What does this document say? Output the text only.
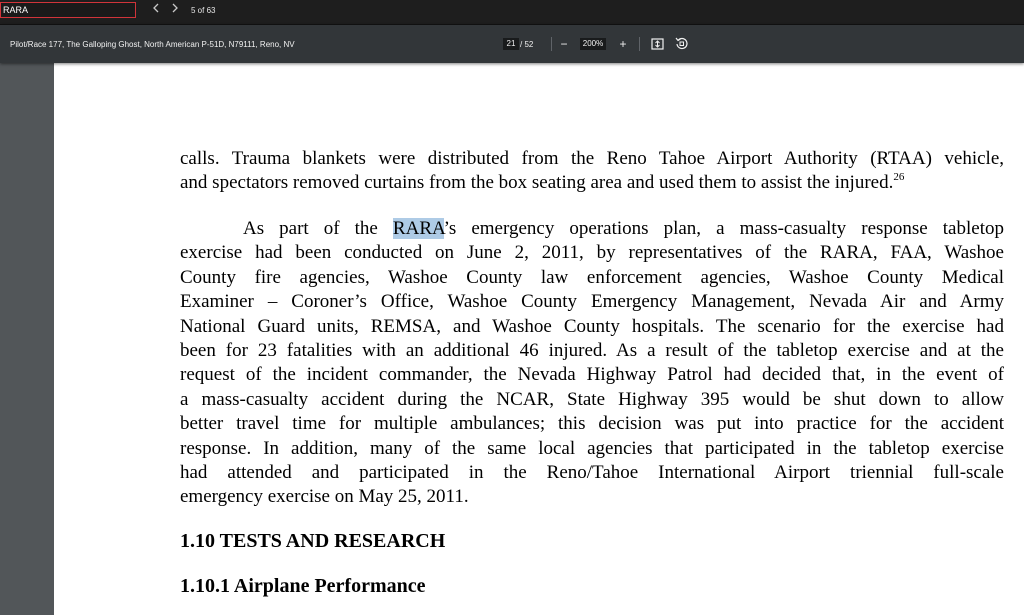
RARA
5 of 63
Pilot/Race 177, The Galloping Ghost, North American P-51D, N79111, Reno, NV	21 / 52	−	200%	+
calls. Trauma blankets were distributed from the Reno Tahoe Airport Authority (RTAA) vehicle,
and spectators removed curtains from the box seating area and used them to assist the injured.$^{26}$
As part of the RARA’s emergency operations plan, a mass-casualty response tabletop
exercise had been conducted on June 2, 2011, by representatives of the RARA, FAA, Washoe
County fire agencies, Washoe County law enforcement agencies, Washoe County Medical
Examiner – Coroner’s Office, Washoe County Emergency Management, Nevada Air and Army
National Guard units, REMSA, and Washoe County hospitals. The scenario for the exercise had
been for 23 fatalities with an additional 46 injured. As a result of the tabletop exercise and at the
request of the incident commander, the Nevada Highway Patrol had decided that, in the event of
a mass-casualty accident during the NCAR, State Highway 395 would be shut down to allow
better travel time for multiple ambulances; this decision was put into practice for the accident
response. In addition, many of the same local agencies that participated in the tabletop exercise
had attended and participated in the Reno/Tahoe International Airport triennial full-scale
emergency exercise on May 25, 2011.
1.10 TESTS AND RESEARCH
1.10.1 Airplane Performance
